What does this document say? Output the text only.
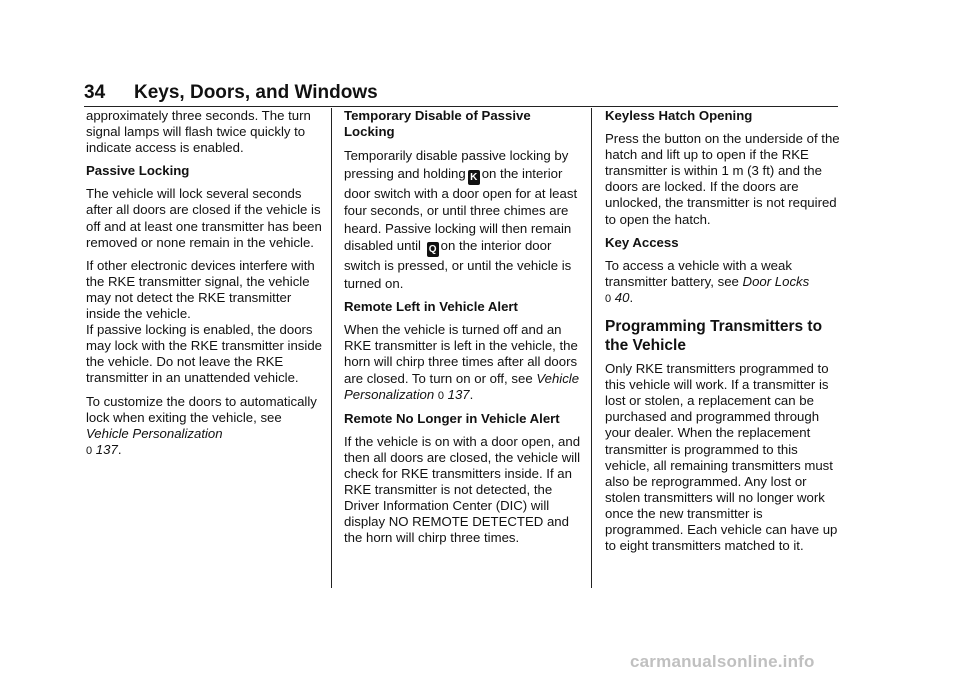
34 Keys, Doors, and Windows

approximately three seconds. The turn signal lamps will flash twice quickly to indicate access is enabled.

Passive Locking

The vehicle will lock several seconds after all doors are closed if the vehicle is off and at least one transmitter has been removed or none remain in the vehicle.

If other electronic devices interfere with the RKE transmitter signal, the vehicle may not detect the RKE transmitter inside the vehicle.

If passive locking is enabled, the doors may lock with the RKE transmitter inside the vehicle. Do not leave the RKE transmitter in an unattended vehicle.

To customize the doors to automatically lock when exiting the vehicle, see Vehicle Personalization
0 137.

Temporary Disable of Passive Locking

Temporarily disable passive locking by pressing and holding K on the interior door switch with a door open for at least four seconds, or until three chimes are heard. Passive locking will then remain disabled until Q on the interior door switch is pressed, or until the vehicle is turned on.

Remote Left in Vehicle Alert

When the vehicle is turned off and an RKE transmitter is left in the vehicle, the horn will chirp three times after all doors are closed. To turn on or off, see Vehicle Personalization 0 137.

Remote No Longer in Vehicle Alert

If the vehicle is on with a door open, and then all doors are closed, the vehicle will check for RKE transmitters inside. If an RKE transmitter is not detected, the Driver Information Center (DIC) will display NO REMOTE DETECTED and the horn will chirp three times.

Keyless Hatch Opening

Press the button on the underside of the hatch and lift up to open if the RKE transmitter is within 1 m (3 ft) and the doors are locked. If the doors are unlocked, the transmitter is not required to open the hatch.

Key Access

To access a vehicle with a weak transmitter battery, see Door Locks
0 40.

Programming Transmitters to the Vehicle

Only RKE transmitters programmed to this vehicle will work. If a transmitter is lost or stolen, a replacement can be purchased and programmed through your dealer. When the replacement transmitter is programmed to this vehicle, all remaining transmitters must also be reprogrammed. Any lost or stolen transmitters will no longer work once the new transmitter is programmed. Each vehicle can have up to eight transmitters matched to it.

carmanualsonline.info
